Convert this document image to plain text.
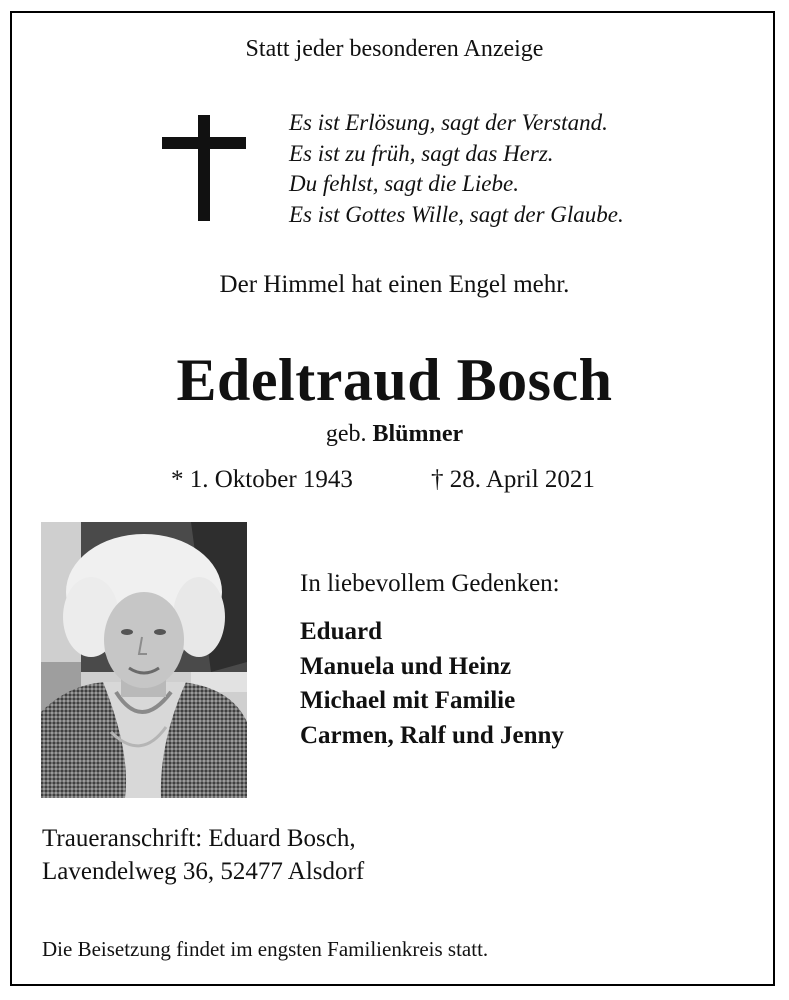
Statt jeder besonderen Anzeige
Es ist Erlösung, sagt der Verstand.
Es ist zu früh, sagt das Herz.
Du fehlst, sagt die Liebe.
Es ist Gottes Wille, sagt der Glaube.
Der Himmel hat einen Engel mehr.
Edeltraud Bosch
geb. Blümner
* 1. Oktober 1943	† 28. April 2021
In liebevollem Gedenken:
Eduard
Manuela und Heinz
Michael mit Familie
Carmen, Ralf und Jenny
Traueranschrift: Eduard Bosch,
Lavendelweg 36, 52477 Alsdorf
Die Beisetzung findet im engsten Familienkreis statt.
